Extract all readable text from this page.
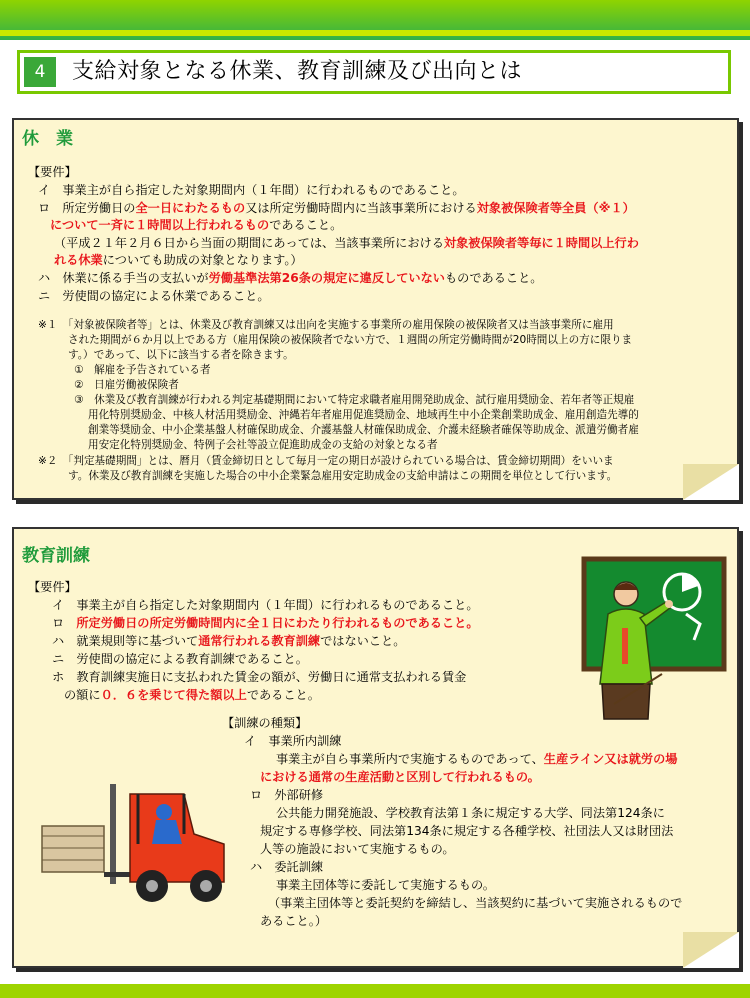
4	支給対象となる休業、教育訓練及び出向とは
休　業
【要件】
イ　 事業主が自ら指定した対象期間内（１年間）に行われるものであること。
ロ　 所定労働日の全一日にわたるもの又は所定労働時間内に当該事業所における対象被保険者等全員（※１）
について一斉に１時間以上行われるものであること。
（平成２１年２月６日から当面の期間にあっては、当該事業所における対象被保険者等毎に１時間以上行わ
れる休業についても助成の対象となります。）
ハ　 休業に係る手当の支払いが労働基準法第26条の規定に違反していないものであること。
ニ　 労使間の協定による休業であること。
※１　「対象被保険者等」とは、休業及び教育訓練又は出向を実施する事業所の雇用保険の被保険者又は当該事業所に雇用
された期間が６か月以上である方（雇用保険の被保険者でない方で、１週間の所定労働時間が20時間以上の方に限りま
す。）であって、以下に該当する者を除きます。
①　解雇を予告されている者
②　日雇労働被保険者
③　休業及び教育訓練が行われる判定基礎期間において特定求職者雇用開発助成金、試行雇用奨励金、若年者等正規雇
用化特別奨励金、中核人材活用奨励金、沖縄若年者雇用促進奨励金、地域再生中小企業創業助成金、雇用創造先導的
創業等奨励金、中小企業基盤人材確保助成金、介護基盤人材確保助成金、介護未経験者確保等助成金、派遣労働者雇
用安定化特別奨励金、特例子会社等設立促進助成金の支給の対象となる者
※２　「判定基礎期間」とは、暦月（賃金締切日として毎月一定の期日が設けられている場合は、賃金締切期間）をいいま
す。休業及び教育訓練を実施した場合の中小企業緊急雇用安定助成金の支給申請はこの期間を単位として行います。
教育訓練
【要件】
イ　 事業主が自ら指定した対象期間内（１年間）に行われるものであること。
ロ　 所定労働日の所定労働時間内に全１日にわたり行われるものであること。
ハ　 就業規則等に基づいて通常行われる教育訓練ではないこと。
ニ　 労使間の協定による教育訓練であること。
ホ　 教育訓練実施日に支払われた賃金の額が、労働日に通常支払われる賃金
の額に０．６を乗じて得た額以上であること。
【訓練の種類】
イ　事業所内訓練
事業主が自ら事業所内で実施するものであって、生産ライン又は就労の場
における通常の生産活動と区別して行われるもの。
ロ　外部研修
公共能力開発施設、学校教育法第１条に規定する大学、同法第124条に
規定する専修学校、同法第134条に規定する各種学校、社団法人又は財団法
人等の施設において実施するもの。
ハ　委託訓練
事業主団体等に委託して実施するもの。
（事業主団体等と委託契約を締結し、当該契約に基づいて実施されるもので
あること。）
